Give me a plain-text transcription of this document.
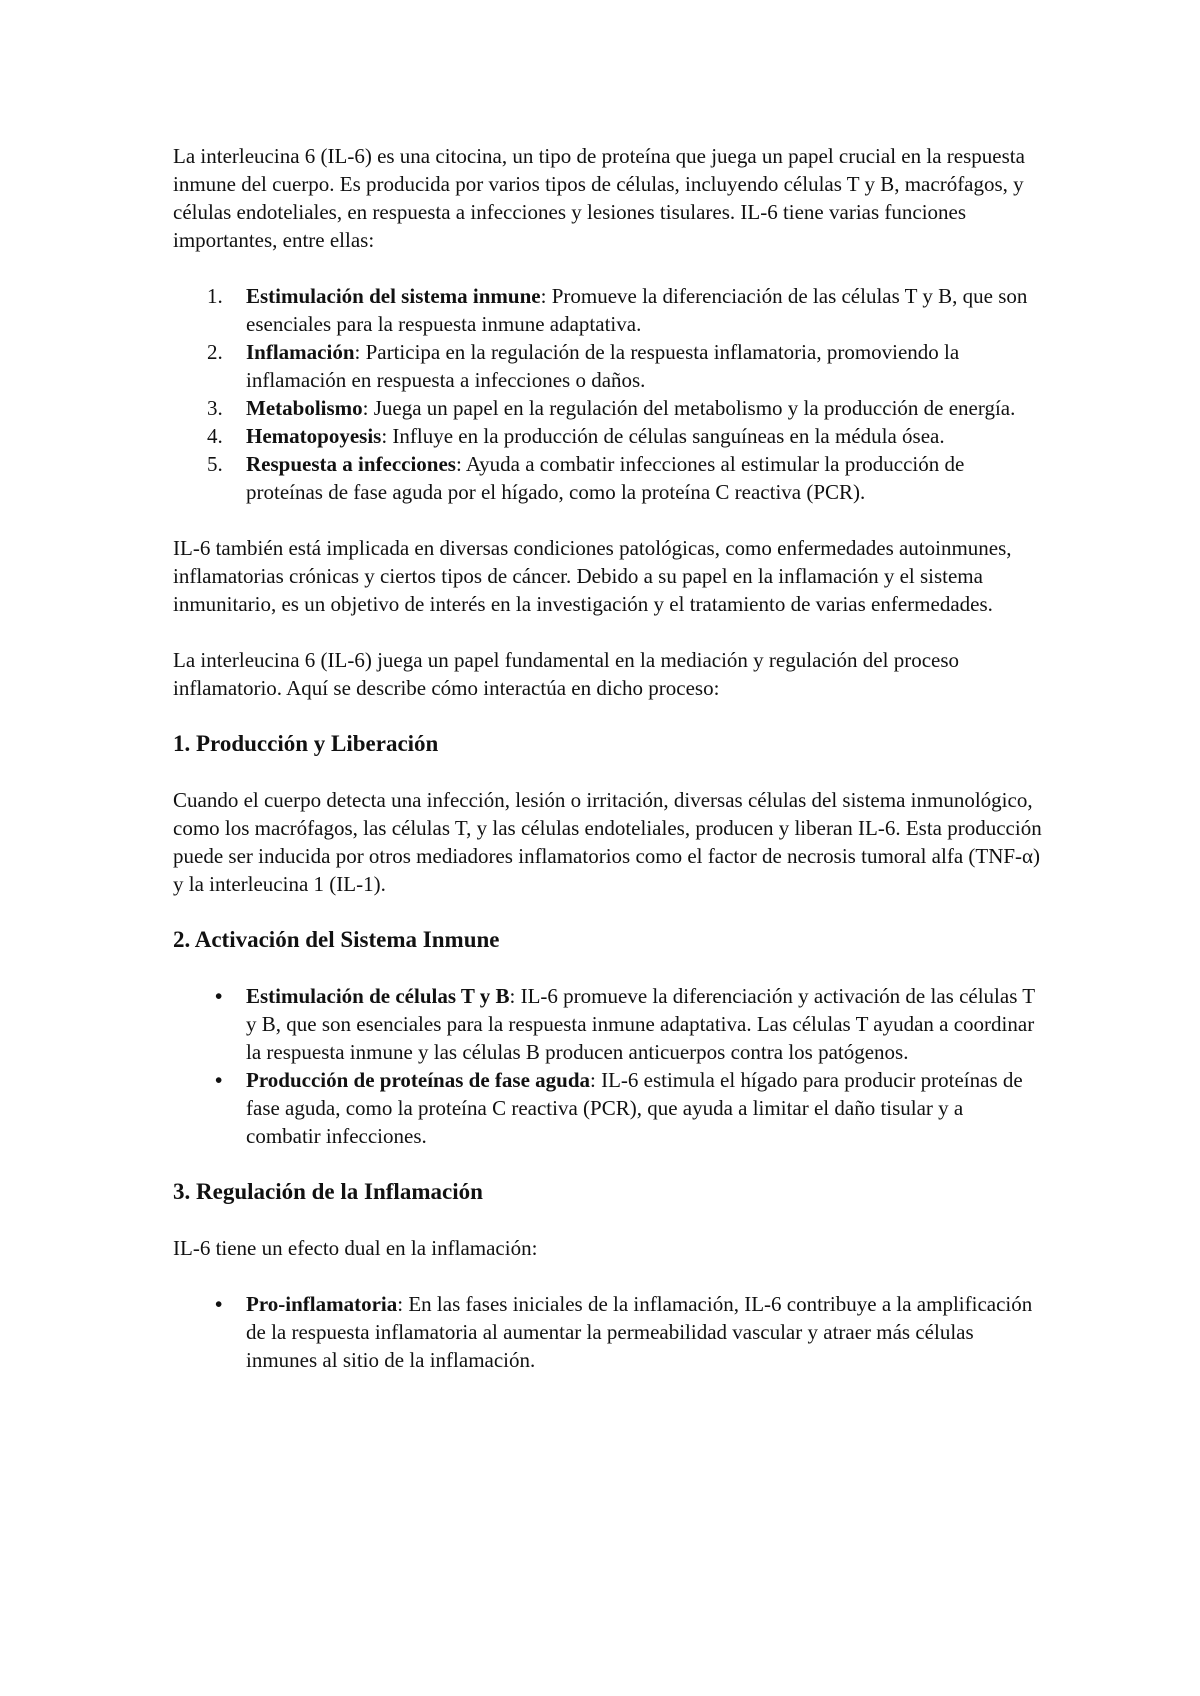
La interleucina 6 (IL-6) es una citocina, un tipo de proteína que juega un papel crucial en la respuesta inmune del cuerpo. Es producida por varios tipos de células, incluyendo células T y B, macrófagos, y células endoteliales, en respuesta a infecciones y lesiones tisulares. IL-6 tiene varias funciones importantes, entre ellas:

1. Estimulación del sistema inmune: Promueve la diferenciación de las células T y B, que son esenciales para la respuesta inmune adaptativa.
2. Inflamación: Participa en la regulación de la respuesta inflamatoria, promoviendo la inflamación en respuesta a infecciones o daños.
3. Metabolismo: Juega un papel en la regulación del metabolismo y la producción de energía.
4. Hematopoyesis: Influye en la producción de células sanguíneas en la médula ósea.
5. Respuesta a infecciones: Ayuda a combatir infecciones al estimular la producción de proteínas de fase aguda por el hígado, como la proteína C reactiva (PCR).

IL-6 también está implicada en diversas condiciones patológicas, como enfermedades autoinmunes, inflamatorias crónicas y ciertos tipos de cáncer. Debido a su papel en la inflamación y el sistema inmunitario, es un objetivo de interés en la investigación y el tratamiento de varias enfermedades.

La interleucina 6 (IL-6) juega un papel fundamental en la mediación y regulación del proceso inflamatorio. Aquí se describe cómo interactúa en dicho proceso:

1. Producción y Liberación

Cuando el cuerpo detecta una infección, lesión o irritación, diversas células del sistema inmunológico, como los macrófagos, las células T, y las células endoteliales, producen y liberan IL-6. Esta producción puede ser inducida por otros mediadores inflamatorios como el factor de necrosis tumoral alfa (TNF-α) y la interleucina 1 (IL-1).

2. Activación del Sistema Inmune
• Estimulación de células T y B: IL-6 promueve la diferenciación y activación de las células T y B, que son esenciales para la respuesta inmune adaptativa. Las células T ayudan a coordinar la respuesta inmune y las células B producen anticuerpos contra los patógenos.
• Producción de proteínas de fase aguda: IL-6 estimula el hígado para producir proteínas de fase aguda, como la proteína C reactiva (PCR), que ayuda a limitar el daño tisular y a combatir infecciones.
3. Regulación de la Inflamación

IL-6 tiene un efecto dual en la inflamación:

• Pro-inflamatoria: En las fases iniciales de la inflamación, IL-6 contribuye a la amplificación de la respuesta inflamatoria al aumentar la permeabilidad vascular y atraer más células inmunes al sitio de la inflamación.
